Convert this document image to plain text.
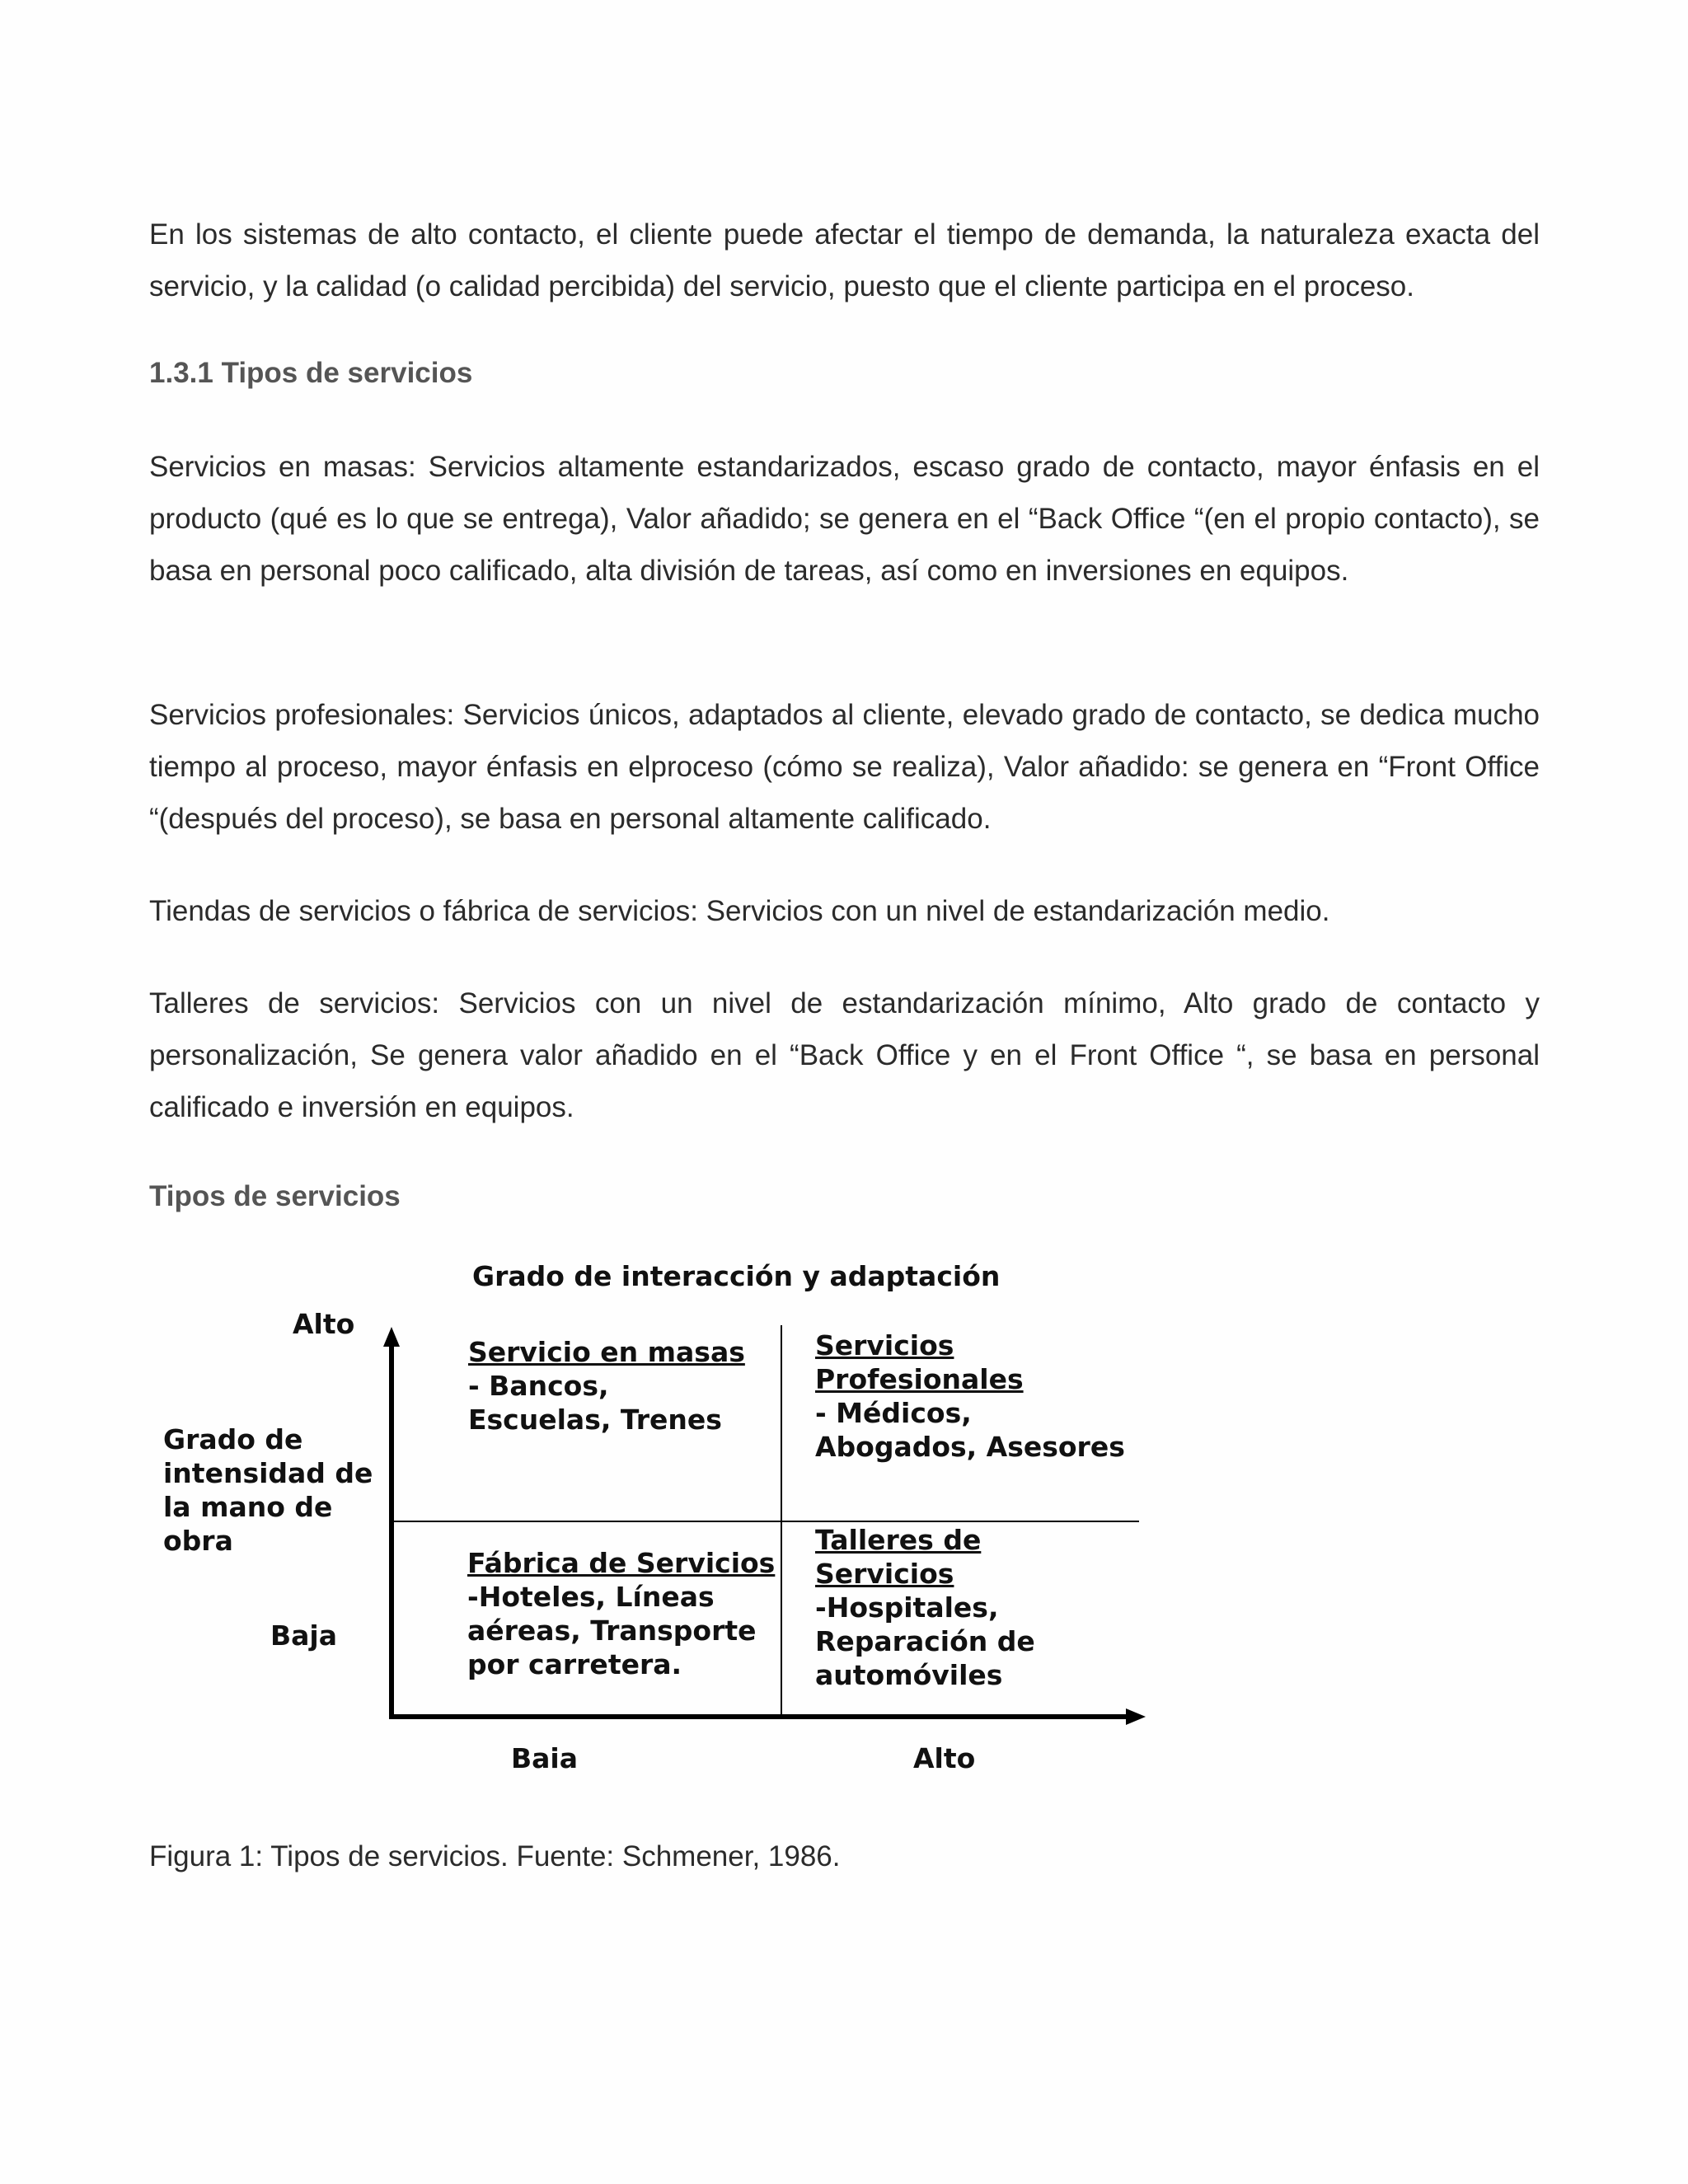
En los sistemas de alto contacto, el cliente puede afectar el tiempo de demanda, la naturaleza exacta del servicio, y la calidad (o calidad percibida) del servicio, puesto que el cliente participa en el proceso.

1.3.1 Tipos de servicios

Servicios en masas: Servicios altamente estandarizados, escaso grado de contacto, mayor énfasis en el producto (qué es lo que se entrega), Valor añadido; se genera en el “Back Office “(en el propio contacto), se basa en personal poco calificado, alta división de tareas, así como en inversiones en equipos.

Servicios profesionales: Servicios únicos, adaptados al cliente, elevado grado de contacto, se dedica mucho tiempo al proceso, mayor énfasis en elproceso (cómo se realiza), Valor añadido: se genera en “Front Office “(después del proceso), se basa en personal altamente calificado.

Tiendas de servicios o fábrica de servicios: Servicios con un nivel de estandarización medio.

Talleres de servicios: Servicios con un nivel de estandarización mínimo, Alto grado de contacto y personalización, Se genera valor añadido en el “Back Office y en el Front Office “, se basa en personal calificado e inversión en equipos.

Tipos de servicios
Grado de interacción y adaptación
Alto
Grado de
intensidad de
la mano de
obra
Baja
Servicio en masas
- Bancos,
Escuelas, Trenes
Servicios
Profesionales
- Médicos,
Abogados, Asesores
Fábrica de Servicios
-Hoteles, Líneas
aéreas, Transporte
por carretera.
Talleres de
Servicios
-Hospitales,
Reparación de
automóviles
Baia	Alto

Figura 1: Tipos de servicios. Fuente: Schmener, 1986.
